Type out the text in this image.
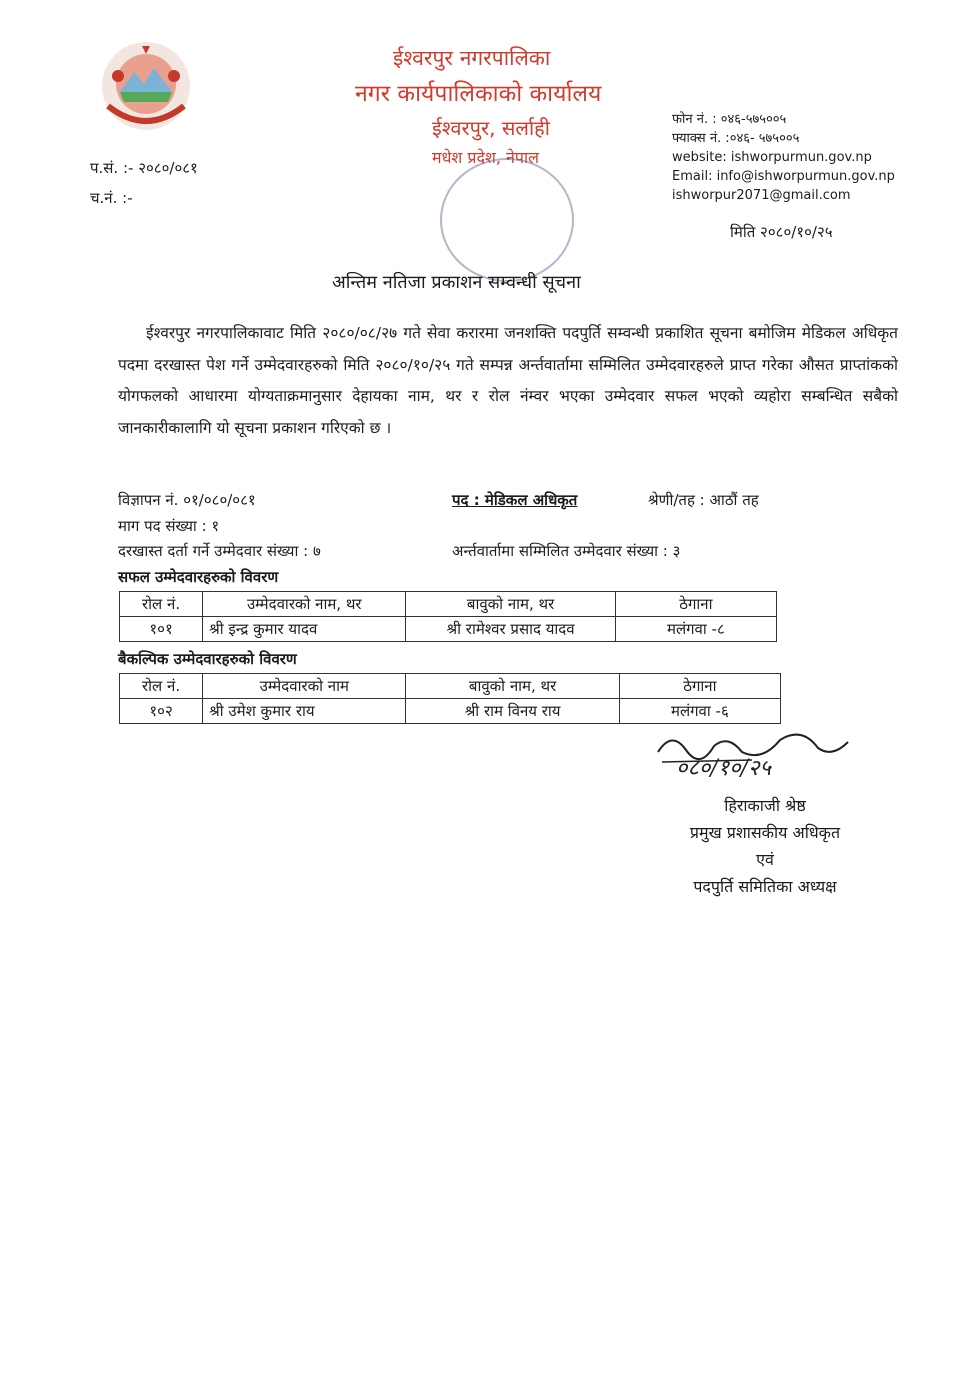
ईश्वरपुर नगरपालिका
नगर कार्यपालिकाको कार्यालय
ईश्वरपुर, सर्लाही
मधेश प्रदेश, नेपाल
फोन नं. : ०४६-५७५००५
फ्याक्स नं. :०४६- ५७५००५
website: ishworpurmun.gov.np
Email: info@ishworpurmun.gov.np
ishworpur2071@gmail.com
प.सं. :- २०८०/०८१
च.नं. :-
मिति २०८०/१०/२५
अन्तिम नतिजा प्रकाशन सम्वन्धी सूचना
ईश्वरपुर नगरपालिकावाट मिति २०८०/०८/२७ गते सेवा करारमा जनशक्ति पदपुर्ति सम्वन्धी प्रकाशित सूचना बमोजिम मेडिकल अधिकृत पदमा दरखास्त पेश गर्ने उम्मेदवारहरुको मिति २०८०/१०/२५ गते सम्पन्न अर्न्तवार्तामा सम्मिलित उम्मेदवारहरुले प्राप्त गरेका औसत प्राप्तांकको योगफलको आधारमा योग्यताक्रमानुसार देहायका नाम, थर र रोल नंम्वर भएका उम्मेदवार सफल भएको व्यहोरा सम्बन्धित सबैको जानकारीकालागि यो सूचना प्रकाशन गरिएको छ ।
विज्ञापन नं. ०१/०८०/०८१	पद : मेडिकल अधिकृत	श्रेणी/तह : आठौं तह
माग पद संख्या : १
दरखास्त दर्ता गर्ने उम्मेदवार संख्या : ७	अर्न्तवार्तामा सम्मिलित उम्मेदवार संख्या : ३
सफल उम्मेदवारहरुको विवरण
रोल नं.	उम्मेदवारको नाम, थर	बावुको नाम, थर	ठेगाना
१०१	श्री इन्द्र कुमार यादव	श्री रामेश्वर प्रसाद यादव	मलंगवा -८
बैकल्पिक उम्मेदवारहरुको विवरण
रोल नं.	उम्मेदवारको नाम	बावुको नाम, थर	ठेगाना
१०२	श्री उमेश कुमार राय	श्री राम विनय राय	मलंगवा -६
०८०/१०/२५
हिराकाजी श्रेष्ठ
प्रमुख प्रशासकीय अधिकृत
एवं
पदपुर्ति समितिका अध्यक्ष
